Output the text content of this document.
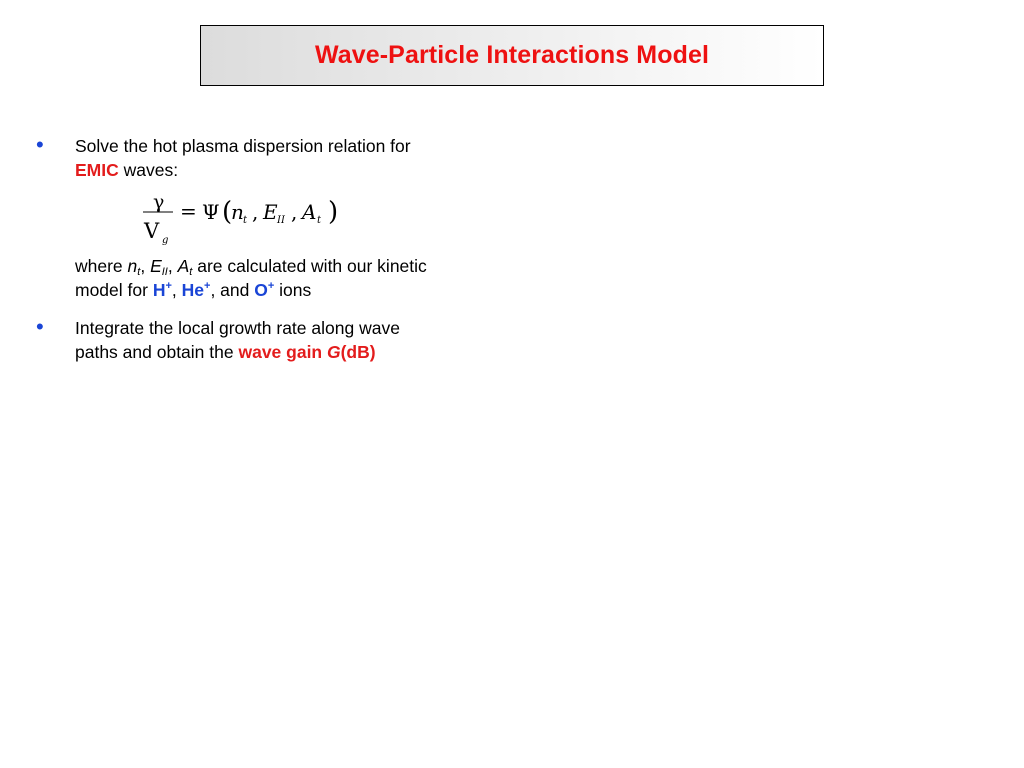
Wave-Particle Interactions Model
• Solve the hot plasma dispersion relation for
EMIC waves:
γ
V g
= Ψ (
n t , E II , A t )
where $n_t$, $E_{II}$, $A_t$ are calculated with our kinetic
model for H+, He+, and O+ ions
• Integrate the local growth rate along wave
paths and obtain the wave gain G(dB)
